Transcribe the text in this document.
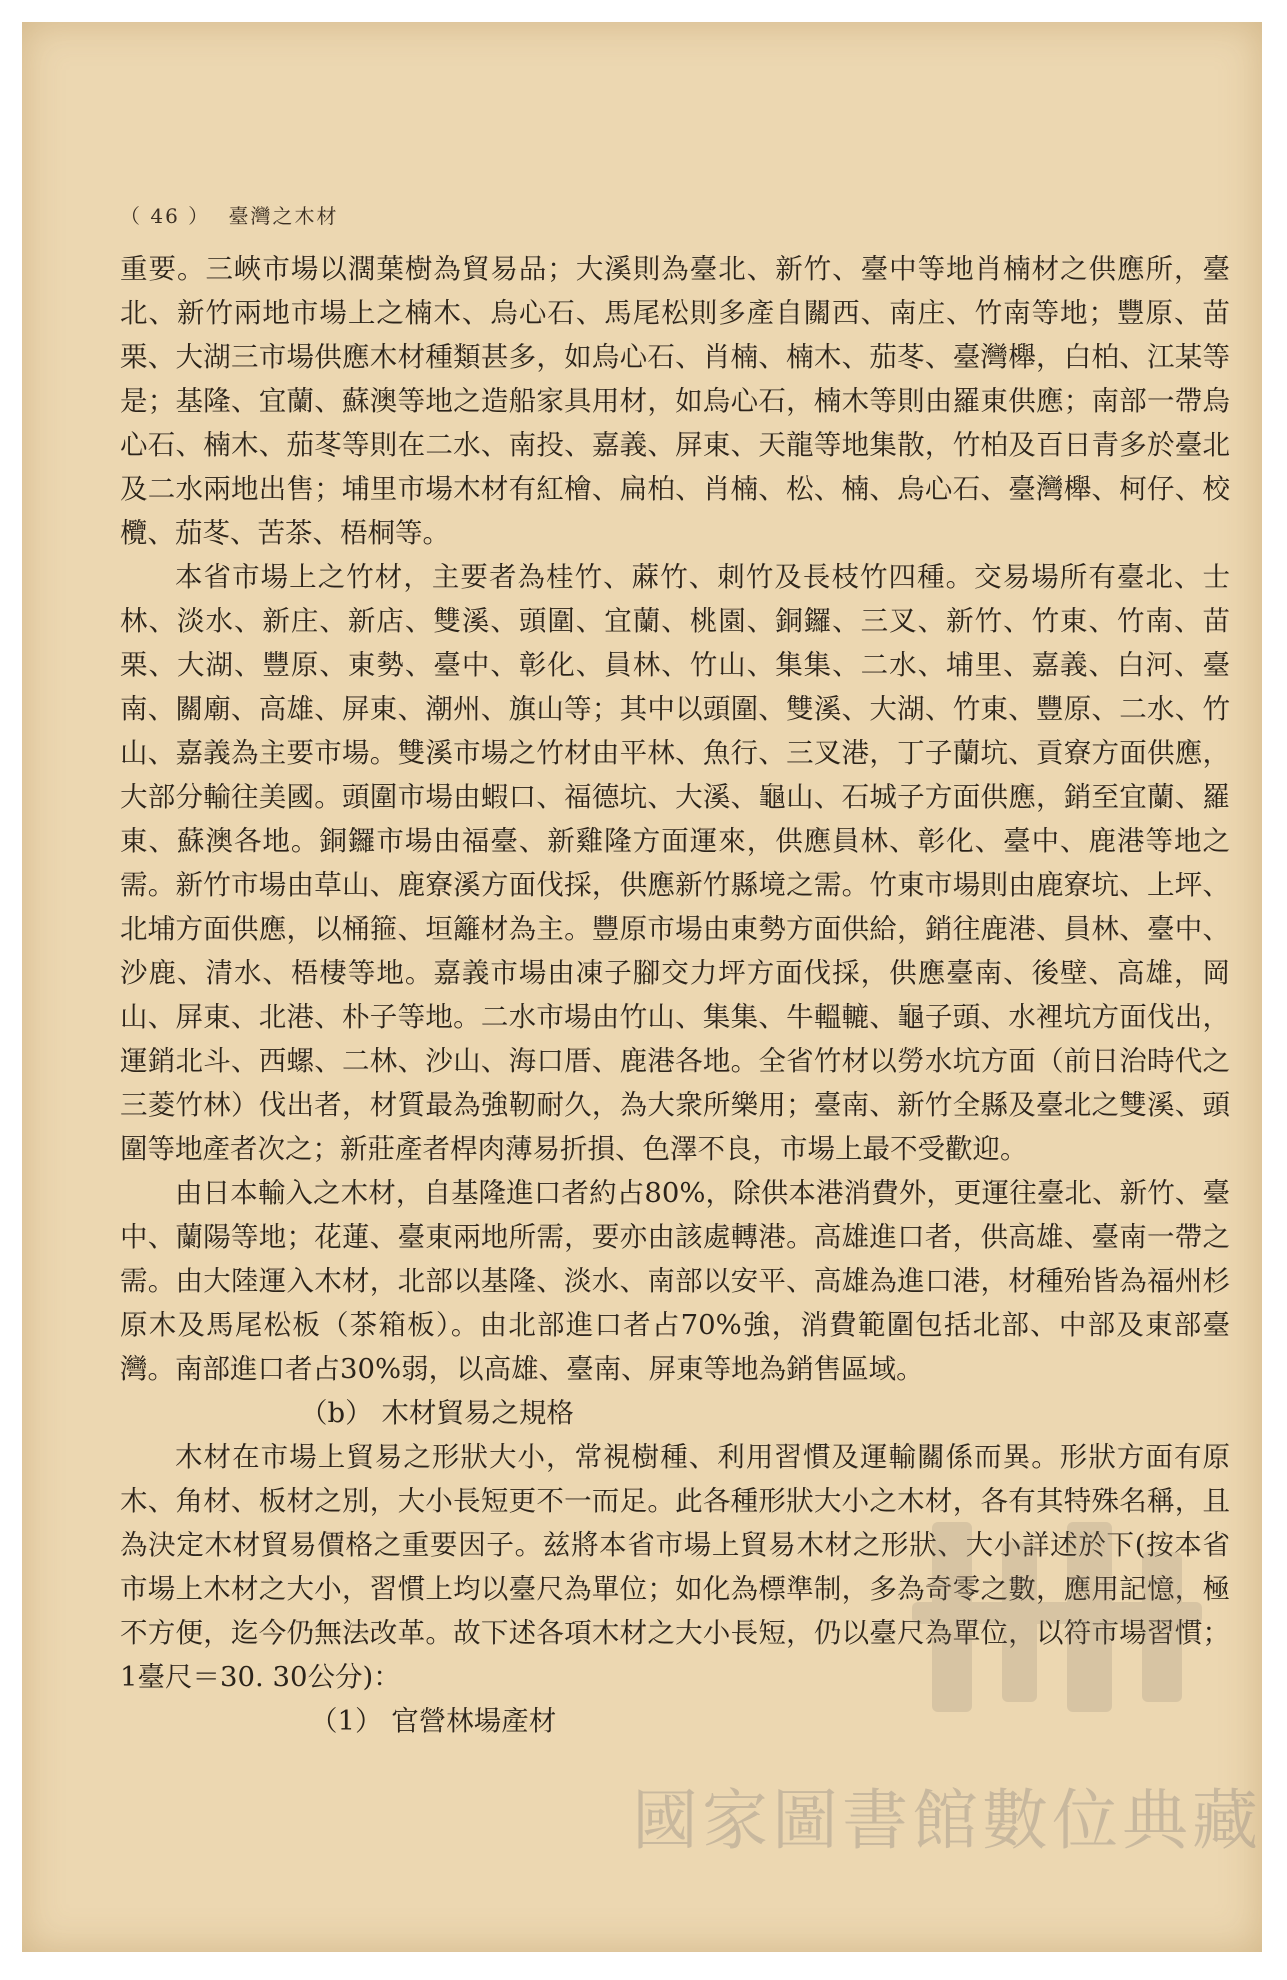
（ 46 ） 臺灣之木材

重要。三峽市場以濶葉樹為貿易品；大溪則為臺北、新竹、臺中等地肖楠材之供應所，臺北、新竹兩地市場上之楠木、烏心石、馬尾松則多產自關西、南庄、竹南等地；豐原、苗栗、大湖三市場供應木材種類甚多，如烏心石、肖楠、楠木、茄苳、臺灣櫸，白柏、江某等是；基隆、宜蘭、蘇澳等地之造船家具用材，如烏心石，楠木等則由羅東供應；南部一帶烏心石、楠木、茄苳等則在二水、南投、嘉義、屏東、天龍等地集散，竹柏及百日青多於臺北及二水兩地出售；埔里市場木材有紅檜、扁柏、肖楠、松、楠、烏心石、臺灣櫸、柯仔、校欖、茄苳、苦茶、梧桐等。

本省市場上之竹材，主要者為桂竹、蔴竹、刺竹及長枝竹四種。交易場所有臺北、士林、淡水、新庄、新店、雙溪、頭圍、宜蘭、桃園、銅鑼、三叉、新竹、竹東、竹南、苗栗、大湖、豐原、東勢、臺中、彰化、員林、竹山、集集、二水、埔里、嘉義、白河、臺南、關廟、高雄、屏東、潮州、旗山等；其中以頭圍、雙溪、大湖、竹東、豐原、二水、竹山、嘉義為主要市場。雙溪市場之竹材由平林、魚行、三叉港，丁子蘭坑、貢寮方面供應，大部分輸往美國。頭圍市場由蝦口、福德坑、大溪、龜山、石城子方面供應，銷至宜蘭、羅東、蘇澳各地。銅鑼市場由福臺、新雞隆方面運來，供應員林、彰化、臺中、鹿港等地之需。新竹市場由草山、鹿寮溪方面伐採，供應新竹縣境之需。竹東市場則由鹿寮坑、上坪、北埔方面供應，以桶箍、垣籬材為主。豐原市場由東勢方面供給，銷往鹿港、員林、臺中、沙鹿、清水、梧棲等地。嘉義市場由凍子腳交力坪方面伐採，供應臺南、後壁、高雄，岡山、屏東、北港、朴子等地。二水市場由竹山、集集、牛轀轆、龜子頭、水裡坑方面伐出，運銷北斗、西螺、二林、沙山、海口厝、鹿港各地。全省竹材以勞水坑方面（前日治時代之三菱竹林）伐出者，材質最為強靭耐久，為大衆所樂用；臺南、新竹全縣及臺北之雙溪、頭圍等地產者次之；新莊產者桿肉薄易折損、色澤不良，市場上最不受歡迎。

由日本輸入之木材，自基隆進口者約占80%，除供本港消費外，更運往臺北、新竹、臺中、蘭陽等地；花蓮、臺東兩地所需，要亦由該處轉港。高雄進口者，供高雄、臺南一帶之需。由大陸運入木材，北部以基隆、淡水、南部以安平、高雄為進口港，材種殆皆為福州杉原木及馬尾松板（茶箱板）。由北部進口者占70%強，消費範圍包括北部、中部及東部臺灣。南部進口者占30%弱，以高雄、臺南、屏東等地為銷售區域。

（b） 木材貿易之規格

木材在市場上貿易之形狀大小，常視樹種、利用習慣及運輸關係而異。形狀方面有原木、角材、板材之別，大小長短更不一而足。此各種形狀大小之木材，各有其特殊名稱，且為決定木材貿易價格之重要因子。兹將本省市場上貿易木材之形狀、大小詳述於下(按本省市場上木材之大小，習慣上均以臺尺為單位；如化為標準制，多為奇零之數，應用記憶，極不方便，迄今仍無法改革。故下述各項木材之大小長短，仍以臺尺為單位，以符市場習慣；1臺尺＝30. 30公分)：

（1） 官營林場產材

國家圖書館數位典藏
